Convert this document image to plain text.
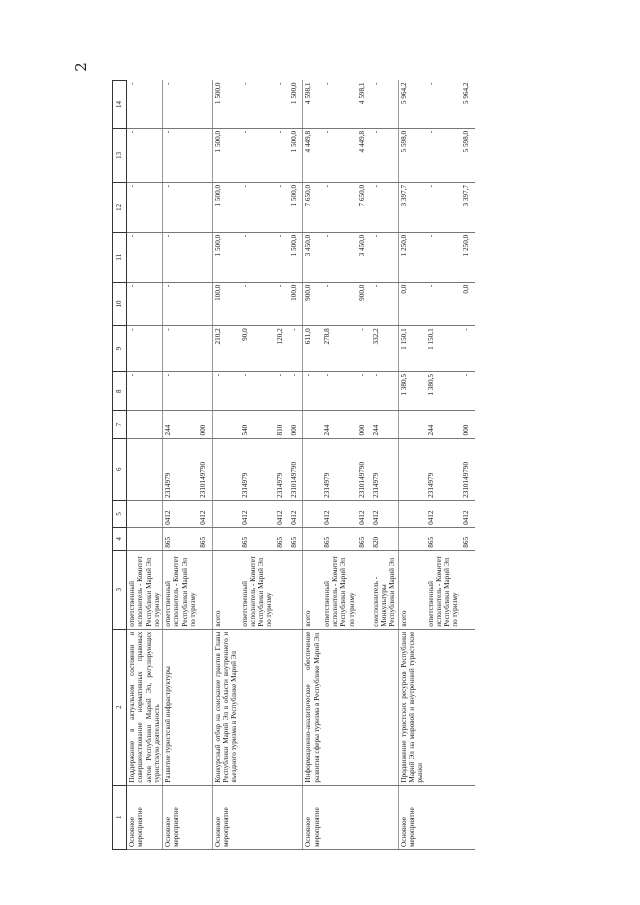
2
1	2	3	4	5	6	7	8	9	10	11	12	13	14
Основное мероприятие	Поддержание в актуальном состоянии и совершенствование нормативных правовых актов Республики Марий Эл, регулирующих туристскую деятельность	ответственный исполнитель - Комитет Республики Марий Эл по туризму					-	-	-	-	-	-	-
Основное мероприятие	Развитие туристской инфраструктуры	ответственный исполнитель - Комитет Республики Марий Эл по туризму	865	0412	2314979	244	-	-	-	-	-	-	-
			865	0412	2310149790	000							
Основное мероприятие	Конкурсный отбор на соискание грантов Главы Республики Марий Эл в области внутреннего и въездного туризма в Республике Марий Эл	всего					-	210,2	100,0	1 500,0	1 500,0	1 500,0	1 500,0
		ответственный исполнитель - Комитет Республики Марий Эл по туризму	865	0412	2314979	540	-	90,0	-	-	-	-	-
			865	0412	2314979	810	-	120,2	-	-	-	-	-
			865	0412	2310149790	000	-	-	100,0	1 500,0	1 500,0	1 500,0	1 500,0
Основное мероприятие	Информационно-аналитическое обеспечение развития сферы туризма в Республике Марий Эл	всего					-	611,0	900,0	3 450,0	7 650,0	4 449,8	4 598,1
		ответственный исполнитель - Комитет Республики Марий Эл по туризму	865	0412	2314979	244	-	278,8	-	-	-	-	-
			865	0412	2310149790	000	-	-	900,0	3 450,0	7 650,0	4 449,8	4 598,1
		соисполнитель - Минкультуры Республики Марий Эл	820	0412	2314979	244	-	332,2	-	-	-	-	-
Основное мероприятие	Продвижение туристских ресурсов Республики Марий Эл на мировой и внутренний туристские рынки	всего					1 380,5	1 150,1	0,0	1 250,0	3 397,7	5 598,0	5 964,2
		ответственный исполнитель - Комитет Республики Марий Эл по туризму	865	0412	2314979	244	1 380,5	1 150,1	-	-	-	-	-
			865	0412	2310149790	000	-	-	0,0	1 250,0	3 397,7	5 598,0	5 964,2
